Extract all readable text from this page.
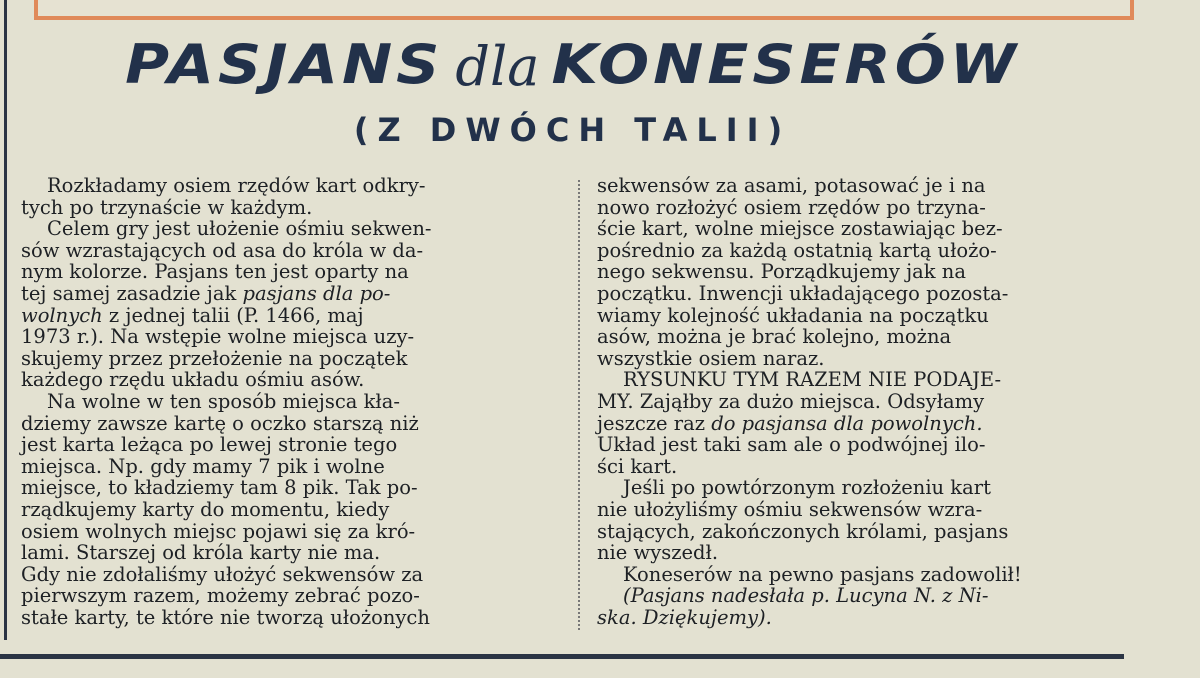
PASJANS dla KONESERÓW
(Z DWÓCH TALII)
Rozkładamy osiem rzędów kart odkry-
tych po trzynaście w każdym.
Celem gry jest ułożenie ośmiu sekwen-
sów wzrastających od asa do króla w da-
nym kolorze. Pasjans ten jest oparty na
tej samej zasadzie jak pasjans dla po-
wolnych z jednej talii (P. 1466, maj
1973 r.). Na wstępie wolne miejsca uzy-
skujemy przez przełożenie na początek
każdego rzędu układu ośmiu asów.
Na wolne w ten sposób miejsca kła-
dziemy zawsze kartę o oczko starszą niż
jest karta leżąca po lewej stronie tego
miejsca. Np. gdy mamy 7 pik i wolne
miejsce, to kładziemy tam 8 pik. Tak po-
rządkujemy karty do momentu, kiedy
osiem wolnych miejsc pojawi się za kró-
lami. Starszej od króla karty nie ma.
Gdy nie zdołaliśmy ułożyć sekwensów za
pierwszym razem, możemy zebrać pozo-
stałe karty, te które nie tworzą ułożonych
sekwensów za asami, potasować je i na
nowo rozłożyć osiem rzędów po trzyna-
ście kart, wolne miejsce zostawiając bez-
pośrednio za każdą ostatnią kartą ułożo-
nego sekwensu. Porządkujemy jak na
początku. Inwencji układającego pozosta-
wiamy kolejność układania na początku
asów, można je brać kolejno, można
wszystkie osiem naraz.
RYSUNKU TYM RAZEM NIE PODAJE-
MY. Zająłby za dużo miejsca. Odsyłamy
jeszcze raz do pasjansa dla powolnych.
Układ jest taki sam ale o podwójnej ilo-
ści kart.
Jeśli po powtórzonym rozłożeniu kart
nie ułożyliśmy ośmiu sekwensów wzra-
stających, zakończonych królami, pasjans
nie wyszedł.
Koneserów na pewno pasjans zadowolił!
(Pasjans nadesłała p. Lucyna N. z Ni-
ska. Dziękujemy).
